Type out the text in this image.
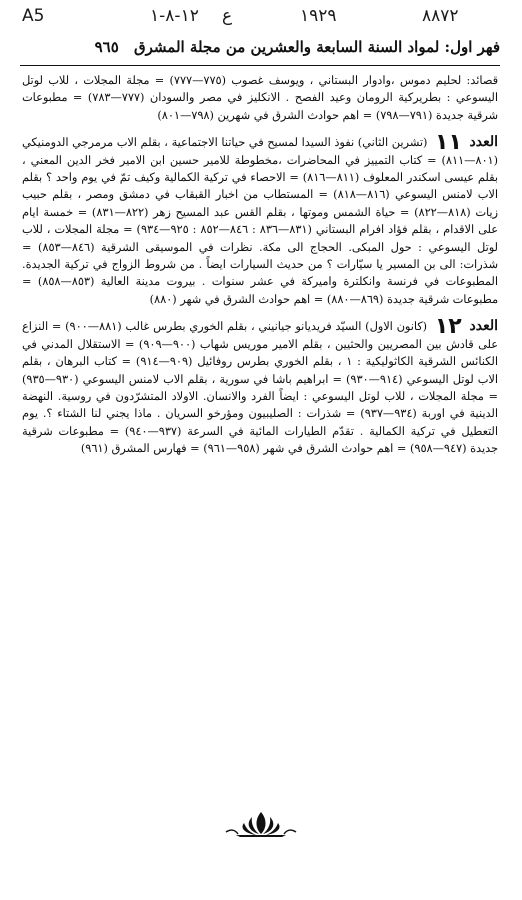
A5	١٢-٨-١ ع	١٩٢٩	٨٨٧٢
فهر اول: لمواد السنة السابعة والعشرين من مجلة المشرق ٩٦٥

قصائد: لحليم دموس ،وادوار البستاني ، ويوسف غصوب (٧٧٥—٧٧٧) = مجلة المجلات ، للاب لوتل اليسوعي : بطريركية الرومان وعيد الفصح . الانكليز في مصر والسودان (٧٧٧—٧٨٣) = مطبوعات شرقية جديدة (٧٩١—٧٩٨) = اهم حوادث الشرق في شهرين (٧٩٨—٨٠١)

العدد ١١ (تشرين الثاني) نفوذ السيدا لمسيح في حياتنا الاجتماعية ، بقلم الاب مرمرجي الدومنيكي (٨٠١—٨١١) = كتاب التمييز في المحاضرات ،مخطوطة للامير حسين ابن الامير فخر الدين المعني ، بقلم عيسى اسكندر المعلوف (٨١١—٨١٦) = الاحصاء في تركية الكمالية وكيف تمّ في يوم واحد ؟ بقلم الاب لامنس اليسوعي (٨١٦—٨١٨) = المستطاب من اخبار القبقاب في دمشق ومصر ، بقلم حبيب زيات (٨١٨—٨٢٢) = حياة الشمس وموتها ، بقلم القس عبد المسيح زهر (٨٢٢—٨٣١) = خمسة ايام على الاقدام ، بقلم فؤاد افرام البستاني (٨٣١—٨٣٦ : ٨٤٦—٨٥٢ : ٩٢٥—٩٣٤) = مجلة المجلات ، للاب لوتل اليسوعي : حول المبكى. الحجاج الى مكة. نظرات في الموسيقى الشرقية (٨٤٦—٨٥٣) = شذرات: الى بن المسير يا سيّارات ؟ من حديث السيارات ايضاً . من شروط الزواج في تركية الجديدة. المطبوعات في فرنسة وانكلترة واميركة في عشر سنوات . بيروت مدينة العالية (٨٥٣—٨٥٨) = مطبوعات شرقية جديدة (٨٦٩—٨٨٠) = اهم حوادث الشرق في شهر (٨٨٠)

العدد ١٢ (كانون الاول) السيّد فريديانو جيانيني ، بقلم الخوري بطرس غالب (٨٨١—٩٠٠) = النزاع على قادش بين المصريين والحثيين ، بقلم الامير موريس شهاب (٩٠٠—٩٠٩) = الاستقلال المدني في الكنائس الشرقية الكاثوليكية : ١ ، بقلم الخوري بطرس روفائيل (٩٠٩—٩١٤) = كتاب البرهان ، بقلم الاب لوتل اليسوعي (٩١٤—٩٣٠) = ابراهيم باشا في سورية ، بقلم الاب لامنس اليسوعي (٩٣٠—٩٣٥) = مجلة المجلات ، للاب لوتل اليسوعي : ايضاً الفرد والانسان. الاولاد المتشرّدون في روسية. النهضة الدينية في اوربة (٩٣٤—٩٣٧) = شذرات : الصليبيون ومؤرخو السريان . ماذا يجني لنا الشتاء ؟. يوم التعطيل في تركية الكمالية . تقدّم الطيارات المائية في السرعة (٩٣٧—٩٤٠) = مطبوعات شرقية جديدة (٩٤٧—٩٥٨) = اهم حوادث الشرق في شهر (٩٥٨—٩٦١) = فهارس المشرق (٩٦١)
